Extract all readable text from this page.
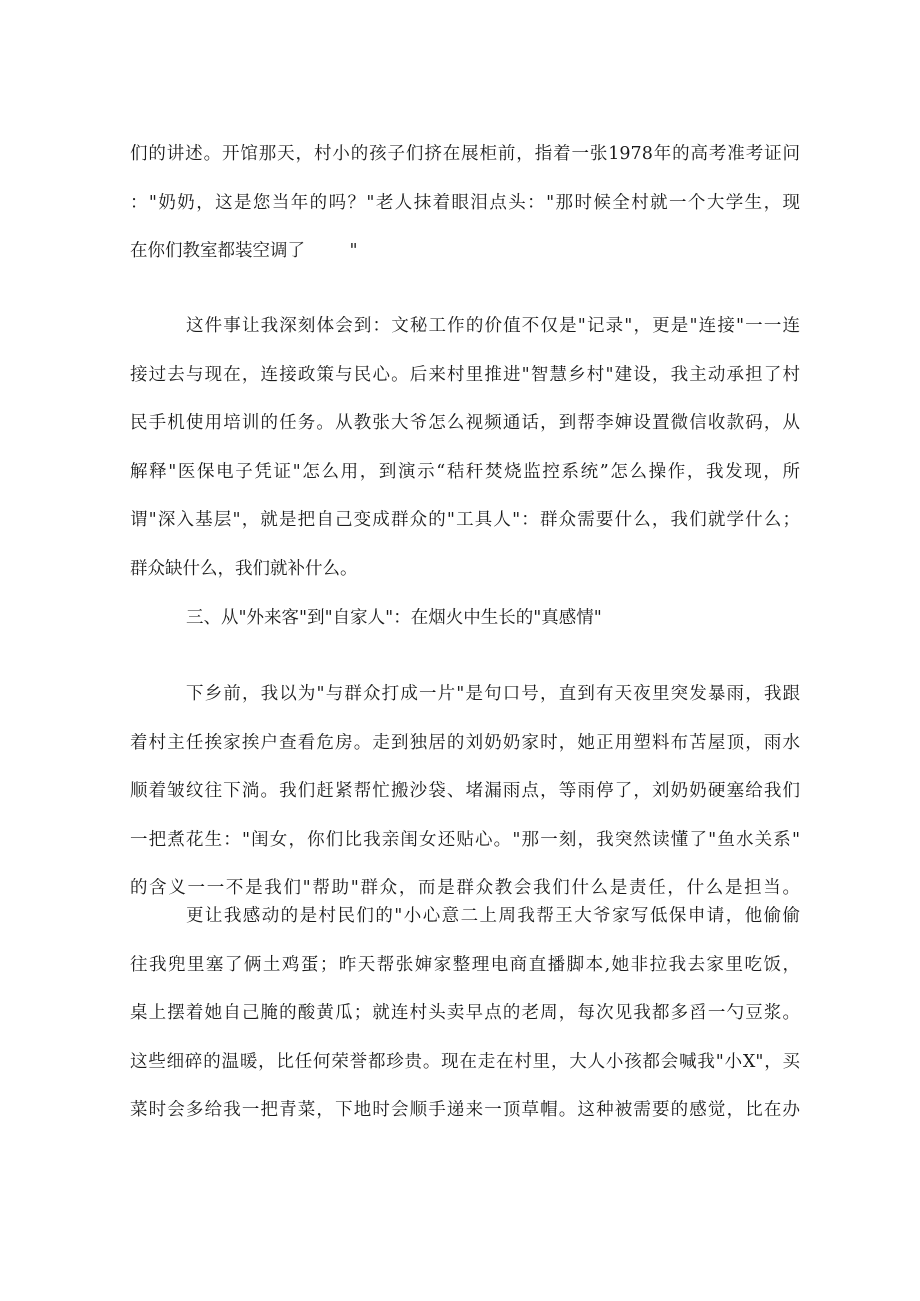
们的讲述。开馆那天，村小的孩子们挤在展柜前，指着一张1978年的高考准考证问
："奶奶，这是您当年的吗？"老人抹着眼泪点头："那时候全村就一个大学生，现
在你们教室都装空调了        "
这件事让我深刻体会到：文秘工作的价值不仅是"记录"，更是"连接"一一连
接过去与现在，连接政策与民心。后来村里推进"智慧乡村"建设，我主动承担了村
民手机使用培训的任务。从教张大爷怎么视频通话，到帮李婶设置微信收款码，从
解释"医保电子凭证"怎么用，到演示“秸秆焚烧监控系统”怎么操作，我发现，所
谓"深入基层"，就是把自己变成群众的"工具人"：群众需要什么，我们就学什么；
群众缺什么，我们就补什么。
三、从"外来客"到"自家人"：在烟火中生长的"真感情"
下乡前，我以为"与群众打成一片"是句口号，直到有天夜里突发暴雨，我跟
着村主任挨家挨户查看危房。走到独居的刘奶奶家时，她正用塑料布苫屋顶，雨水
顺着皱纹往下淌。我们赶紧帮忙搬沙袋、堵漏雨点，等雨停了，刘奶奶硬塞给我们
一把煮花生："闺女，你们比我亲闺女还贴心。"那一刻，我突然读懂了"鱼水关系"
的含义一一不是我们"帮助"群众，而是群众教会我们什么是责任，什么是担当。
更让我感动的是村民们的"小心意二上周我帮王大爷家写低保申请，他偷偷
往我兜里塞了俩土鸡蛋；昨天帮张婶家整理电商直播脚本,她非拉我去家里吃饭，
桌上摆着她自己腌的酸黄瓜；就连村头卖早点的老周，每次见我都多舀一勺豆浆。
这些细碎的温暖，比任何荣誉都珍贵。现在走在村里，大人小孩都会喊我"小X"，买
菜时会多给我一把青菜，下地时会顺手递来一顶草帽。这种被需要的感觉，比在办
